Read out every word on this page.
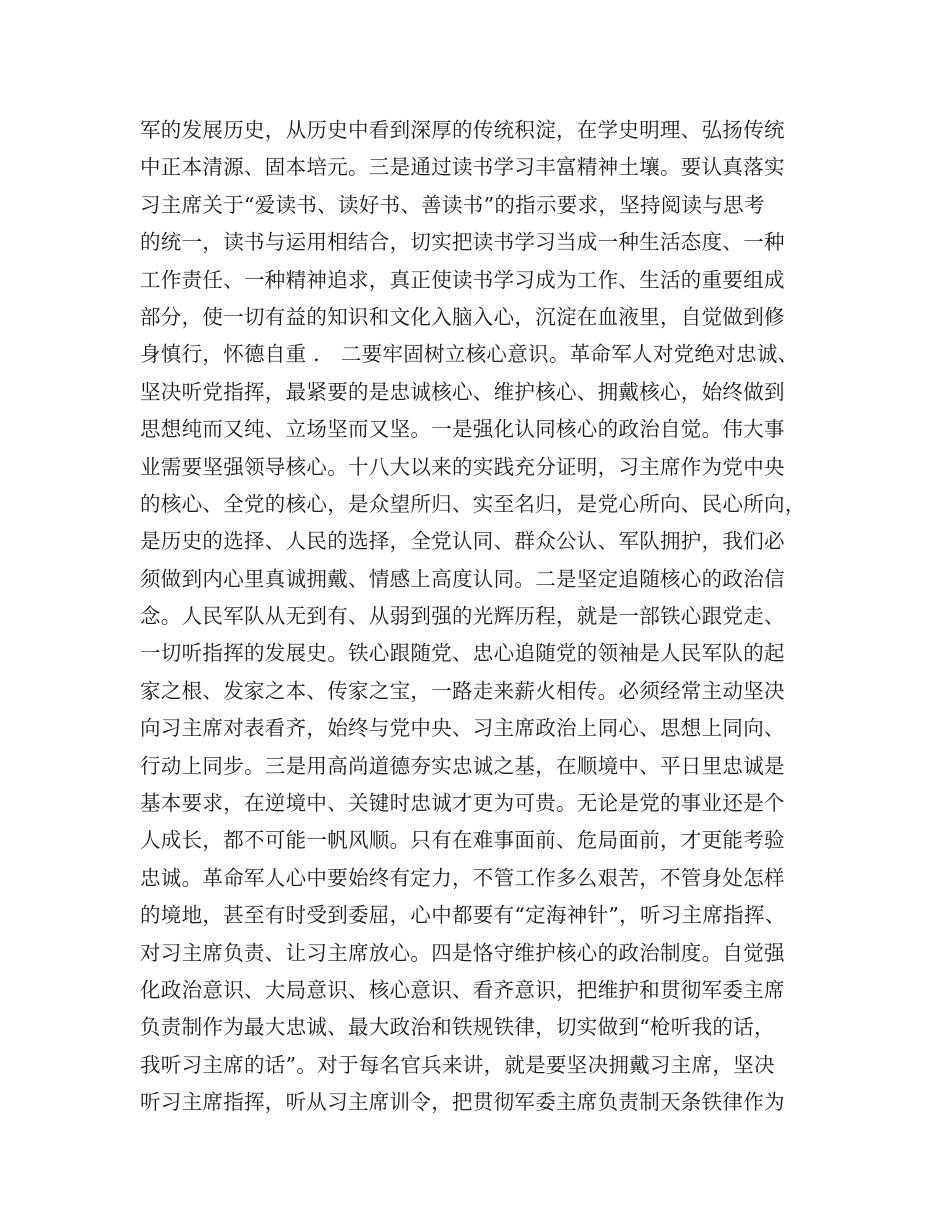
军的发展历史，从历史中看到深厚的传统积淀，在学史明理、弘扬传统
中正本清源、固本培元。三是通过读书学习丰富精神土壤。要认真落实
习主席关于“爱读书、读好书、善读书”的指示要求，坚持阅读与思考
的统一，读书与运用相结合，切实把读书学习当成一种生活态度、一种
工作责任、一种精神追求，真正使读书学习成为工作、生活的重要组成
部分，使一切有益的知识和文化入脑入心，沉淀在血液里，自觉做到修
身慎行，怀德自重 ． 二要牢固树立核心意识。革命军人对党绝对忠诚、
坚决听党指挥，最紧要的是忠诚核心、维护核心、拥戴核心，始终做到
思想纯而又纯、立场坚而又坚。一是强化认同核心的政治自觉。伟大事
业需要坚强领导核心。十八大以来的实践充分证明，习主席作为党中央
的核心、全党的核心，是众望所归、实至名归，是党心所向、民心所向，
是历史的选择、人民的选择，全党认同、群众公认、军队拥护，我们必
须做到内心里真诚拥戴、情感上高度认同。二是坚定追随核心的政治信
念。人民军队从无到有、从弱到强的光辉历程，就是一部铁心跟党走、
一切听指挥的发展史。铁心跟随党、忠心追随党的领袖是人民军队的起
家之根、发家之本、传家之宝，一路走来薪火相传。必须经常主动坚决
向习主席对表看齐，始终与党中央、习主席政治上同心、思想上同向、
行动上同步。三是用高尚道德夯实忠诚之基，在顺境中、平日里忠诚是
基本要求，在逆境中、关键时忠诚才更为可贵。无论是党的事业还是个
人成长，都不可能一帆风顺。只有在难事面前、危局面前，才更能考验
忠诚。革命军人心中要始终有定力，不管工作多么艰苦，不管身处怎样
的境地，甚至有时受到委屈，心中都要有“定海神针”，听习主席指挥、
对习主席负责、让习主席放心。四是恪守维护核心的政治制度。自觉强
化政治意识、大局意识、核心意识、看齐意识，把维护和贯彻军委主席
负责制作为最大忠诚、最大政治和铁规铁律，切实做到“枪听我的话，
我听习主席的话”。对于每名官兵来讲，就是要坚决拥戴习主席，坚决
听习主席指挥，听从习主席训令，把贯彻军委主席负责制天条铁律作为
